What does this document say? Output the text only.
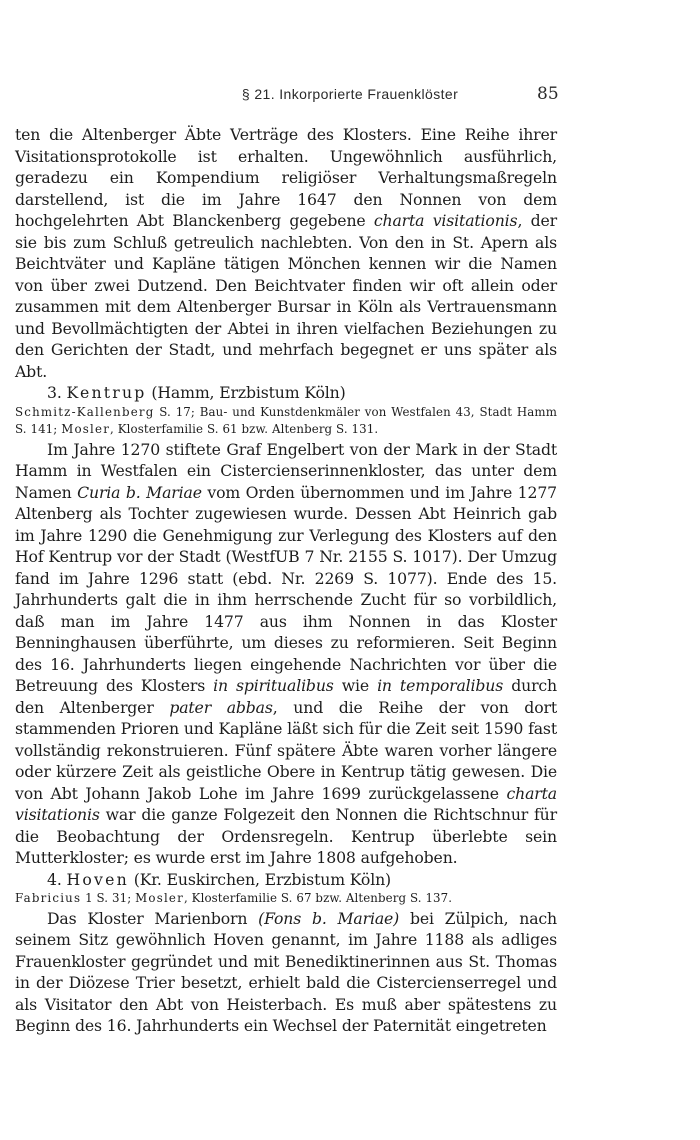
§ 21. Inkorporierte Frauenklöster	85

ten die Altenberger Äbte Verträge des Klosters. Eine Reihe ihrer Visitationsprotokolle ist erhalten. Ungewöhnlich ausführlich, geradezu ein Kompendium religiöser Verhaltungsmaßregeln darstellend, ist die im Jahre 1647 den Nonnen von dem hochgelehrten Abt Blanckenberg gegebene charta visitationis, der sie bis zum Schluß getreulich nachlebten. Von den in St. Apern als Beichtväter und Kapläne tätigen Mönchen kennen wir die Namen von über zwei Dutzend. Den Beichtvater finden wir oft allein oder zusammen mit dem Altenberger Bursar in Köln als Vertrauensmann und Bevollmächtigten der Abtei in ihren vielfachen Beziehungen zu den Gerichten der Stadt, und mehrfach begegnet er uns später als Abt.

3. Kentrup (Hamm, Erzbistum Köln)

Schmitz-Kallenberg S. 17; Bau- und Kunstdenkmäler von Westfalen 43, Stadt Hamm S. 141; Mosler, Klosterfamilie S. 61 bzw. Altenberg S. 131.

Im Jahre 1270 stiftete Graf Engelbert von der Mark in der Stadt Hamm in Westfalen ein Cistercienserinnenkloster, das unter dem Namen Curia b. Mariae vom Orden übernommen und im Jahre 1277 Altenberg als Tochter zugewiesen wurde. Dessen Abt Heinrich gab im Jahre 1290 die Genehmigung zur Verlegung des Klosters auf den Hof Kentrup vor der Stadt (WestfUB 7 Nr. 2155 S. 1017). Der Umzug fand im Jahre 1296 statt (ebd. Nr. 2269 S. 1077). Ende des 15. Jahrhunderts galt die in ihm herrschende Zucht für so vorbildlich, daß man im Jahre 1477 aus ihm Nonnen in das Kloster Benninghausen überführte, um dieses zu reformieren. Seit Beginn des 16. Jahrhunderts liegen eingehende Nachrichten vor über die Betreuung des Klosters in spiritualibus wie in temporalibus durch den Altenberger pater abbas, und die Reihe der von dort stammenden Prioren und Kapläne läßt sich für die Zeit seit 1590 fast vollständig rekonstruieren. Fünf spätere Äbte waren vorher längere oder kürzere Zeit als geistliche Obere in Kentrup tätig gewesen. Die von Abt Johann Jakob Lohe im Jahre 1699 zurückgelassene charta visitationis war die ganze Folgezeit den Nonnen die Richtschnur für die Beobachtung der Ordensregeln. Kentrup überlebte sein Mutterkloster; es wurde erst im Jahre 1808 aufgehoben.

4. Hoven (Kr. Euskirchen, Erzbistum Köln)

Fabricius 1 S. 31; Mosler, Klosterfamilie S. 67 bzw. Altenberg S. 137.

Das Kloster Marienborn (Fons b. Mariae) bei Zülpich, nach seinem Sitz gewöhnlich Hoven genannt, im Jahre 1188 als adliges Frauenkloster gegründet und mit Benediktinerinnen aus St. Thomas in der Diözese Trier besetzt, erhielt bald die Cistercienserregel und als Visitator den Abt von Heisterbach. Es muß aber spätestens zu Beginn des 16. Jahrhunderts ein Wechsel der Paternität eingetreten
